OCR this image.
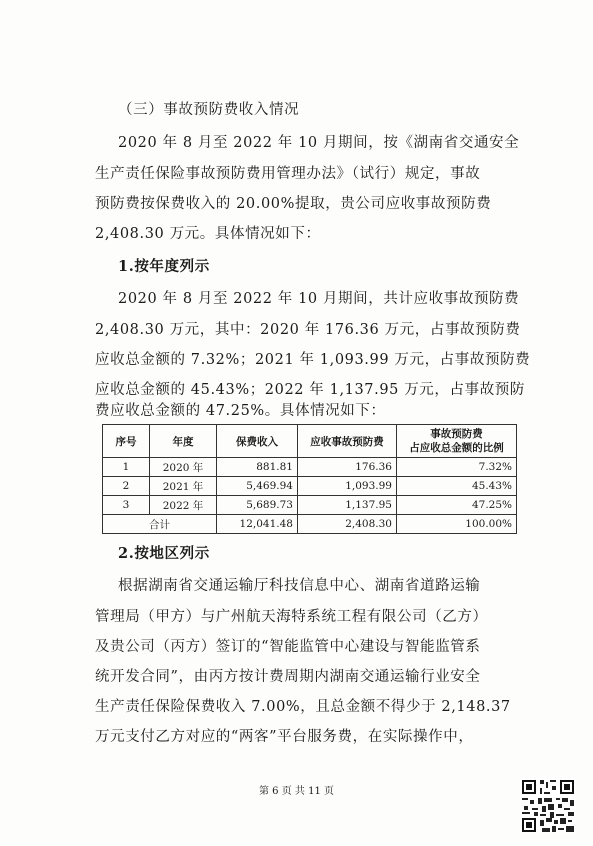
（三）事故预防费收入情况
2020 年 8 月至 2022 年 10 月期间，按《湖南省交通安全
生产责任保险事故预防费用管理办法》（试行）规定，事故
预防费按保费收入的 20.00%提取，贵公司应收事故预防费
2,408.30 万元。具体情况如下：
1.按年度列示
2020 年 8 月至 2022 年 10 月期间，共计应收事故预防费
2,408.30 万元，其中：2020 年 176.36 万元，占事故预防费
应收总金额的 7.32%；2021 年 1,093.99 万元，占事故预防费
应收总金额的 45.43%；2022 年 1,137.95 万元，占事故预防
费应收总金额的 47.25%。具体情况如下：
序号	年度	保费收入	应收事故预防费	事故预防费
占应收总金额的比例

1	2020 年	881.81	176.36	7.32%
2	2021 年	5,469.94	1,093.99	45.43%
3	2022 年	5,689.73	1,137.95	47.25%
合计		12,041.48	2,408.30	100.00%
2.按地区列示
根据湖南省交通运输厅科技信息中心、湖南省道路运输
管理局（甲方）与广州航天海特系统工程有限公司（乙方）
及贵公司（丙方）签订的“智能监管中心建设与智能监管系
统开发合同”，由丙方按计费周期内湖南交通运输行业安全
生产责任保险保费收入 7.00%，且总金额不得少于 2,148.37
万元支付乙方对应的“两客”平台服务费，在实际操作中，
第 6 页 共 11 页
